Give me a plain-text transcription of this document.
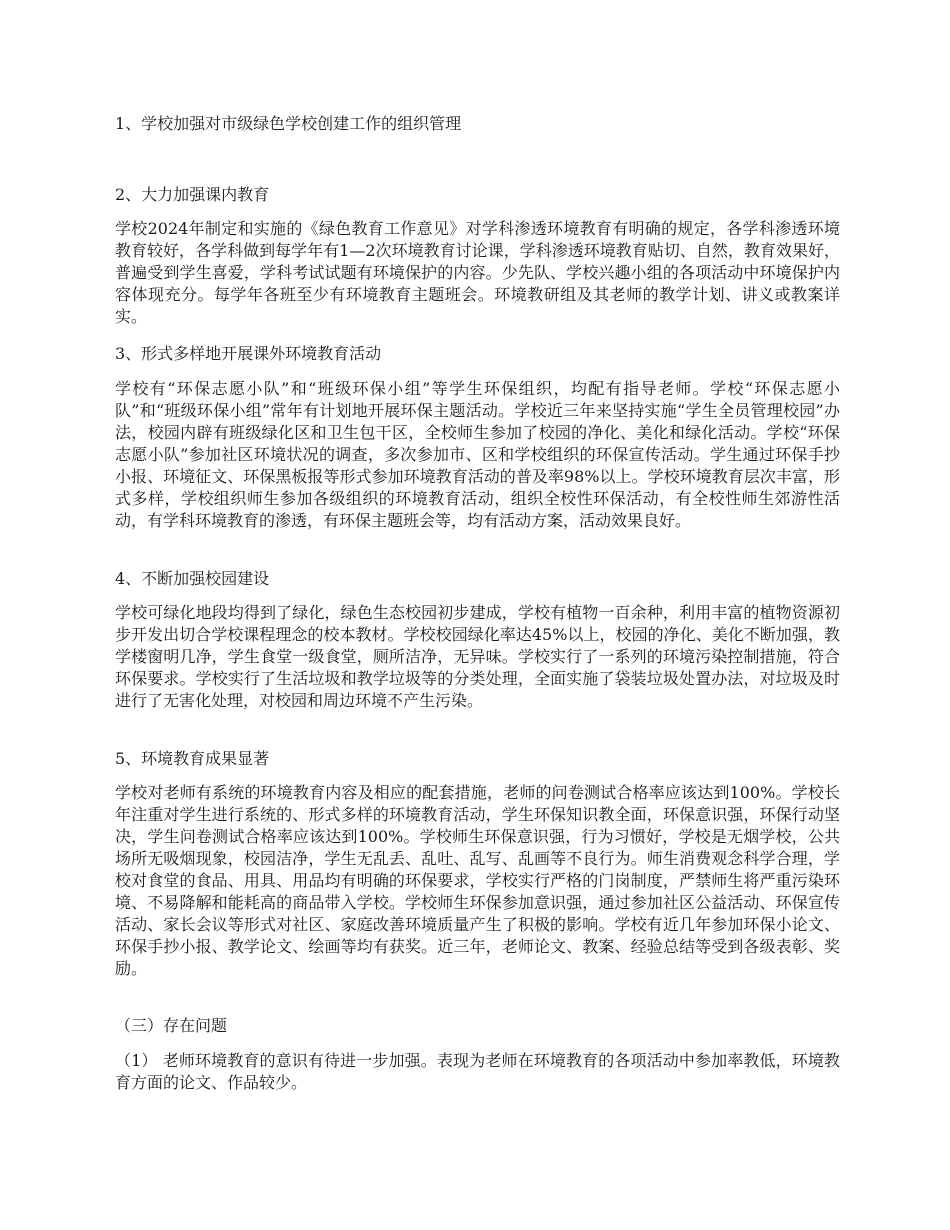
1、学校加强对市级绿色学校创建工作的组织管理

2、大力加强课内教育

学校2024年制定和实施的《绿色教育工作意见》对学科渗透环境教育有明确的规定，各学科渗透环境教育较好，各学科做到每学年有1—2次环境教育讨论课，学科渗透环境教育贴切、自然，教育效果好，普遍受到学生喜爱，学科考试试题有环境保护的内容。少先队、学校兴趣小组的各项活动中环境保护内容体现充分。每学年各班至少有环境教育主题班会。环境教研组及其老师的教学计划、讲义或教案详实。

3、形式多样地开展课外环境教育活动

学校有“环保志愿小队”和“班级环保小组”等学生环保组织，均配有指导老师。学校“环保志愿小队”和“班级环保小组”常年有计划地开展环保主题活动。学校近三年来坚持实施“学生全员管理校园”办法，校园内辟有班级绿化区和卫生包干区，全校师生参加了校园的净化、美化和绿化活动。学校“环保志愿小队”参加社区环境状况的调查，多次参加市、区和学校组织的环保宣传活动。学生通过环保手抄小报、环境征文、环保黑板报等形式参加环境教育活动的普及率98%以上。学校环境教育层次丰富，形式多样，学校组织师生参加各级组织的环境教育活动，组织全校性环保活动，有全校性师生郊游性活动，有学科环境教育的渗透，有环保主题班会等，均有活动方案，活动效果良好。

4、不断加强校园建设

学校可绿化地段均得到了绿化，绿色生态校园初步建成，学校有植物一百余种，利用丰富的植物资源初步开发出切合学校课程理念的校本教材。学校校园绿化率达45%以上，校园的净化、美化不断加强，教学楼窗明几净，学生食堂一级食堂，厕所洁净，无异味。学校实行了一系列的环境污染控制措施，符合环保要求。学校实行了生活垃圾和教学垃圾等的分类处理，全面实施了袋装垃圾处置办法，对垃圾及时进行了无害化处理，对校园和周边环境不产生污染。

5、环境教育成果显著

学校对老师有系统的环境教育内容及相应的配套措施，老师的问卷测试合格率应该达到100%。学校长年注重对学生进行系统的、形式多样的环境教育活动，学生环保知识教全面，环保意识强，环保行动坚决，学生问卷测试合格率应该达到100%。学校师生环保意识强，行为习惯好，学校是无烟学校，公共场所无吸烟现象，校园洁净，学生无乱丢、乱吐、乱写、乱画等不良行为。师生消费观念科学合理，学校对食堂的食品、用具、用品均有明确的环保要求，学校实行严格的门岗制度，严禁师生将严重污染环境、不易降解和能耗高的商品带入学校。学校师生环保参加意识强，通过参加社区公益活动、环保宣传活动、家长会议等形式对社区、家庭改善环境质量产生了积极的影响。学校有近几年参加环保小论文、环保手抄小报、教学论文、绘画等均有获奖。近三年，老师论文、教案、经验总结等受到各级表彰、奖励。

（三）存在问题

（1） 老师环境教育的意识有待进一步加强。表现为老师在环境教育的各项活动中参加率教低，环境教育方面的论文、作品较少。
